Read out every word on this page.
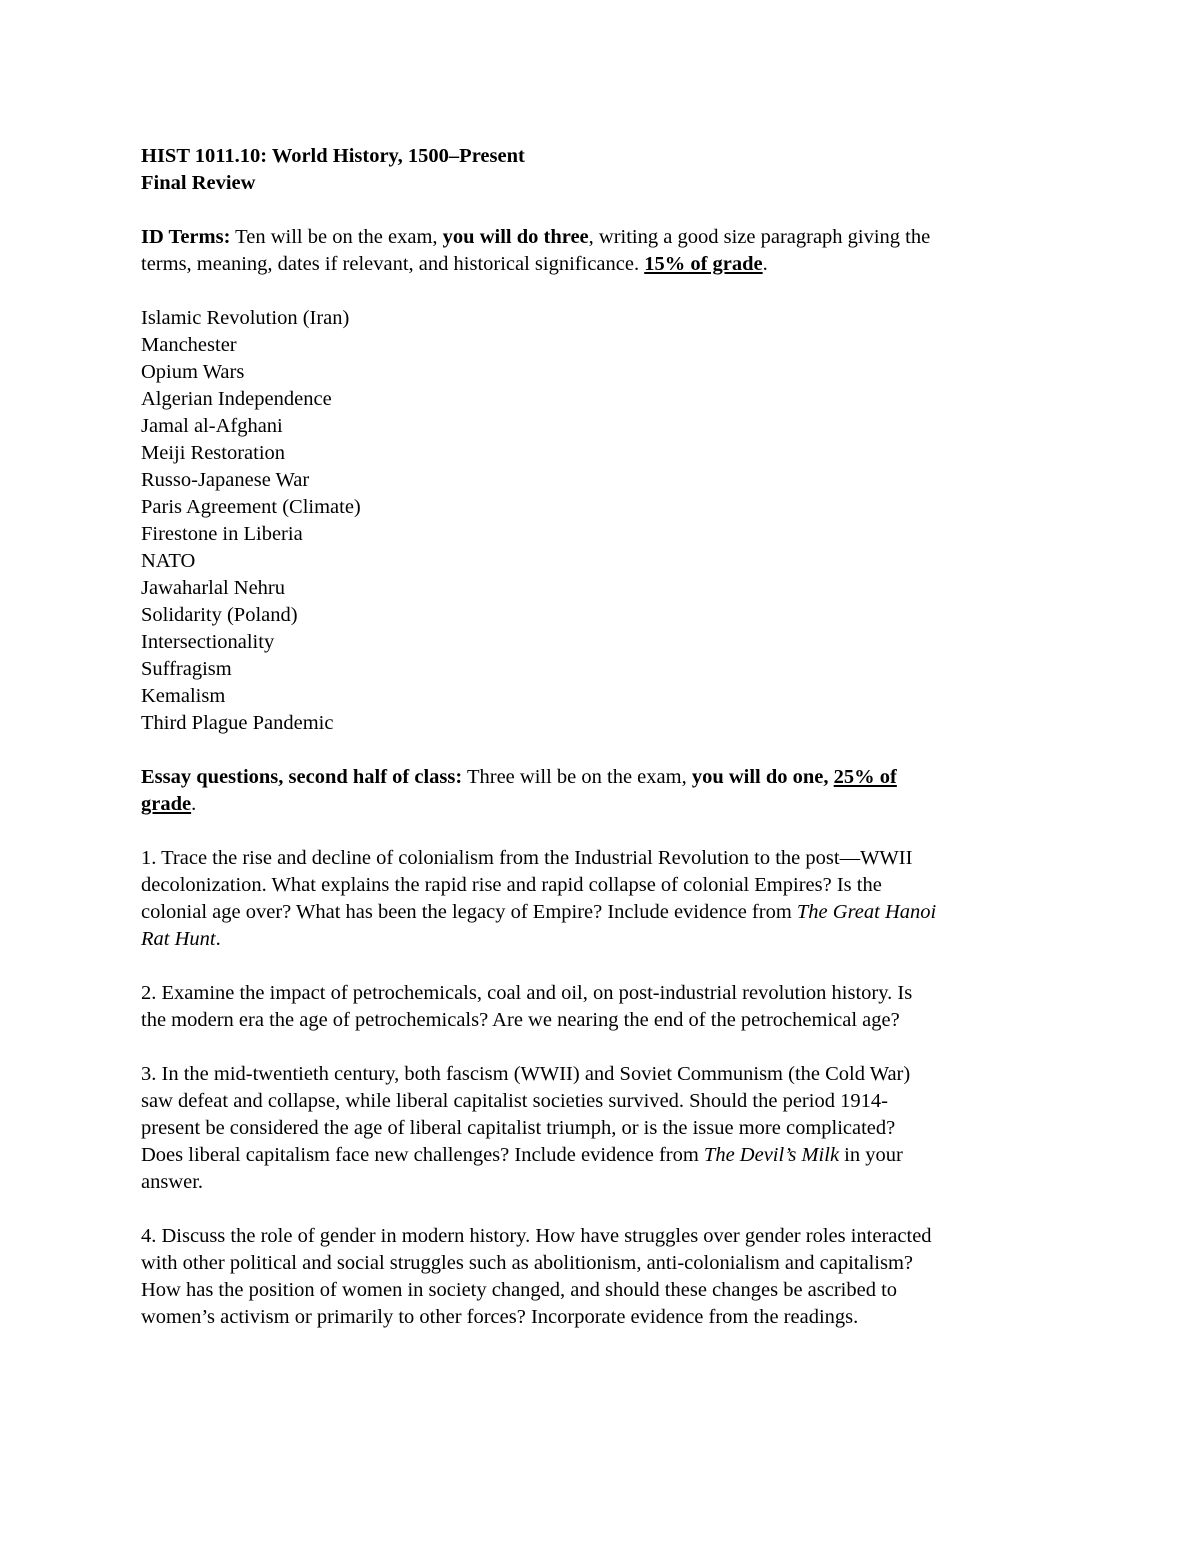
HIST 1011.10: World History, 1500–Present
Final Review

ID Terms: Ten will be on the exam, you will do three, writing a good size paragraph giving the
terms, meaning, dates if relevant, and historical significance. 15% of grade.

Islamic Revolution (Iran)
Manchester
Opium Wars
Algerian Independence
Jamal al-Afghani
Meiji Restoration
Russo-Japanese War
Paris Agreement (Climate)
Firestone in Liberia
NATO
Jawaharlal Nehru
Solidarity (Poland)
Intersectionality
Suffragism
Kemalism
Third Plague Pandemic

Essay questions, second half of class: Three will be on the exam, you will do one, 25% of
grade.

1. Trace the rise and decline of colonialism from the Industrial Revolution to the post—WWII
decolonization. What explains the rapid rise and rapid collapse of colonial Empires? Is the
colonial age over? What has been the legacy of Empire? Include evidence from The Great Hanoi
Rat Hunt.

2. Examine the impact of petrochemicals, coal and oil, on post-industrial revolution history. Is
the modern era the age of petrochemicals? Are we nearing the end of the petrochemical age?

3. In the mid-twentieth century, both fascism (WWII) and Soviet Communism (the Cold War)
saw defeat and collapse, while liberal capitalist societies survived. Should the period 1914-
present be considered the age of liberal capitalist triumph, or is the issue more complicated?
Does liberal capitalism face new challenges? Include evidence from The Devil’s Milk in your
answer.

4. Discuss the role of gender in modern history. How have struggles over gender roles interacted
with other political and social struggles such as abolitionism, anti-colonialism and capitalism?
How has the position of women in society changed, and should these changes be ascribed to
women’s activism or primarily to other forces? Incorporate evidence from the readings.
